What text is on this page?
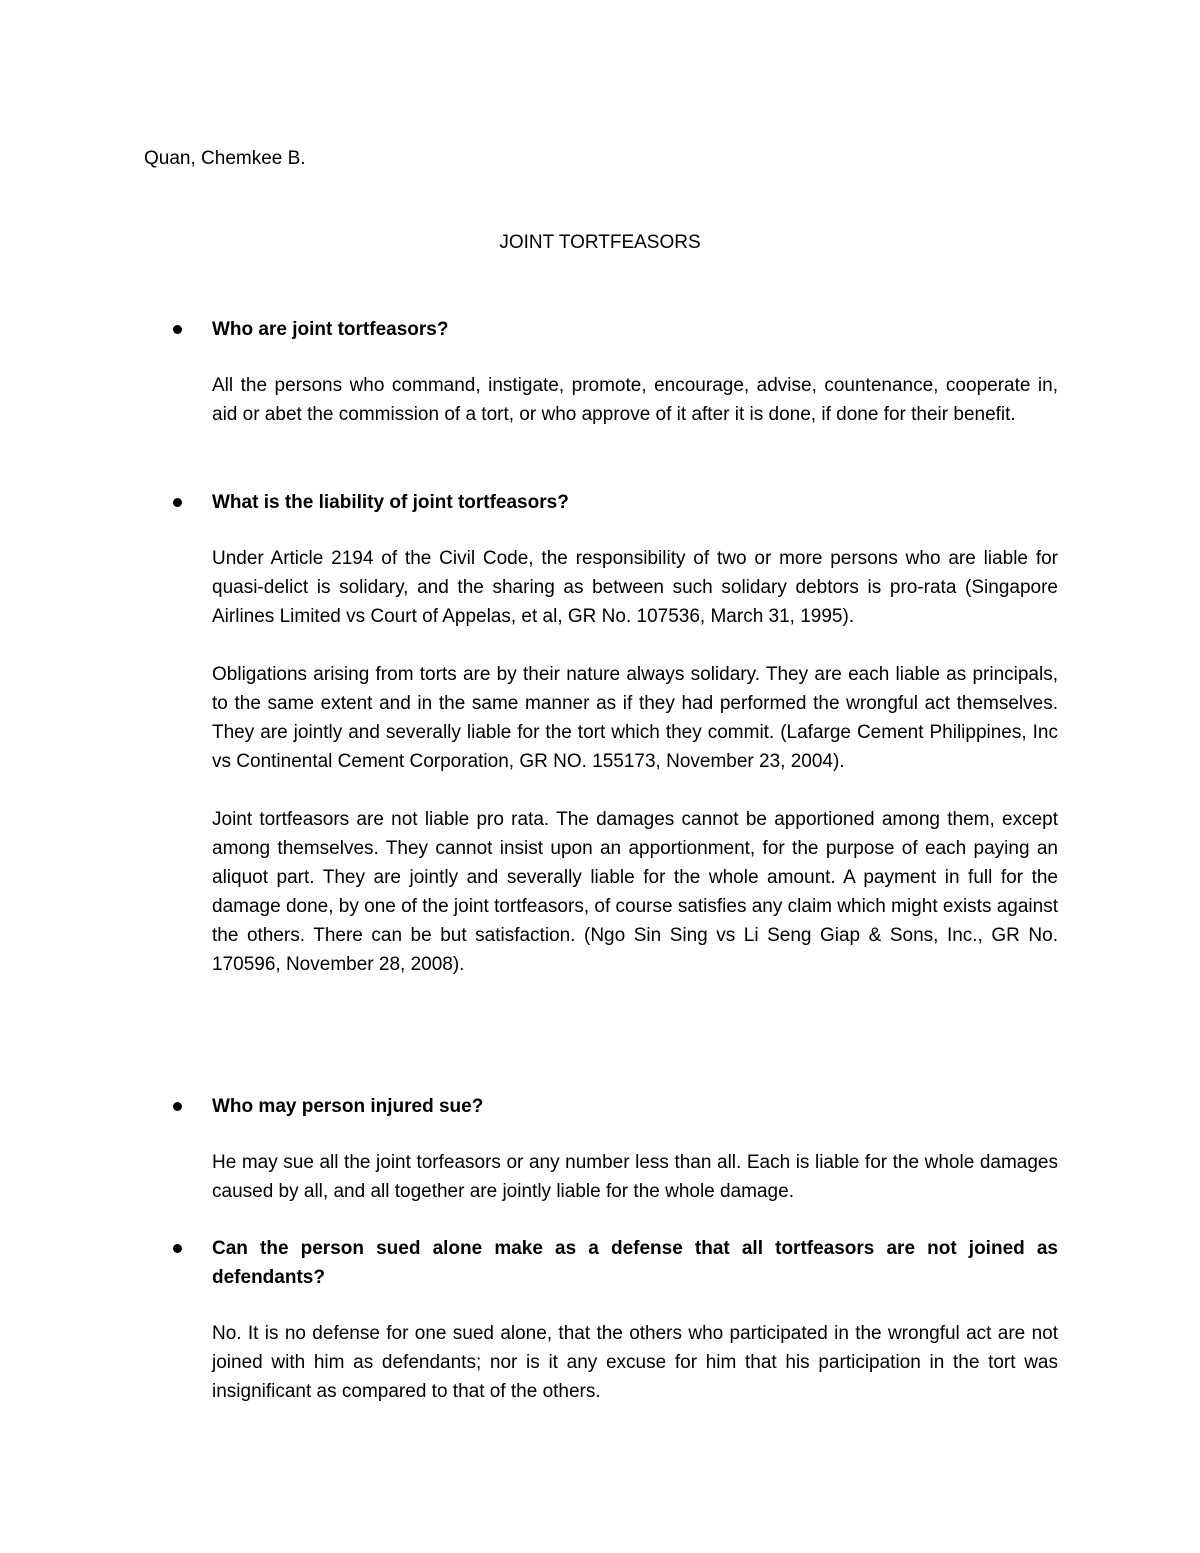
Quan, Chemkee B.
JOINT TORTFEASORS

Who are joint tortfeasors?

All the persons who command, instigate, promote, encourage, advise, countenance, cooperate in, aid or abet the commission of a tort, or who approve of it after it is done, if done for their benefit.

What is the liability of joint tortfeasors?

Under Article 2194 of the Civil Code, the responsibility of two or more persons who are liable for quasi-delict is solidary, and the sharing as between such solidary debtors is pro-rata (Singapore Airlines Limited vs Court of Appelas, et al, GR No. 107536, March 31, 1995).

Obligations arising from torts are by their nature always solidary. They are each liable as principals, to the same extent and in the same manner as if they had performed the wrongful act themselves. They are jointly and severally liable for the tort which they commit. (Lafarge Cement Philippines, Inc vs Continental Cement Corporation, GR NO. 155173, November 23, 2004).

Joint tortfeasors are not liable pro rata. The damages cannot be apportioned among them, except among themselves. They cannot insist upon an apportionment, for the purpose of each paying an aliquot part. They are jointly and severally liable for the whole amount. A payment in full for the damage done, by one of the joint tortfeasors, of course satisfies any claim which might exists against the others. There can be but satisfaction. (Ngo Sin Sing vs Li Seng Giap & Sons, Inc., GR No. 170596, November 28, 2008).

Who may person injured sue?

He may sue all the joint torfeasors or any number less than all. Each is liable for the whole damages caused by all, and all together are jointly liable for the whole damage.

Can the person sued alone make as a defense that all tortfeasors are not joined as defendants?

No. It is no defense for one sued alone, that the others who participated in the wrongful act are not joined with him as defendants; nor is it any excuse for him that his participation in the tort was insignificant as compared to that of the others.
